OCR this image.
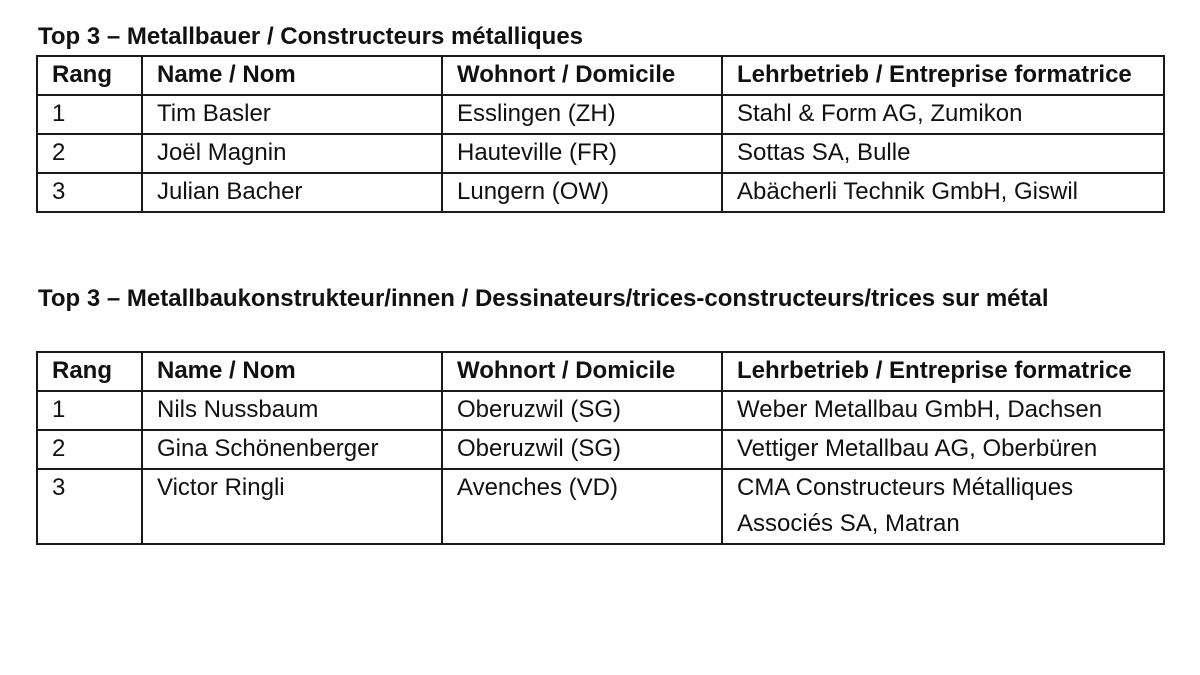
Top 3 – Metallbauer / Constructeurs métalliques
Rang	Name / Nom	Wohnort / Domicile	Lehrbetrieb / Entreprise formatrice
1	Tim Basler	Esslingen (ZH)	Stahl & Form AG, Zumikon
2	Joël Magnin	Hauteville (FR)	Sottas SA, Bulle
3	Julian Bacher	Lungern (OW)	Abächerli Technik GmbH, Giswil
Top 3 – Metallbaukonstrukteur/innen / Dessinateurs/trices-constructeurs/trices sur métal
Rang	Name / Nom	Wohnort / Domicile	Lehrbetrieb / Entreprise formatrice
1	Nils Nussbaum	Oberuzwil (SG)	Weber Metallbau GmbH, Dachsen
2	Gina Schönenberger	Oberuzwil (SG)	Vettiger Metallbau AG, Oberbüren
3	Victor Ringli	Avenches (VD)	CMA Constructeurs Métalliques Associés SA, Matran
